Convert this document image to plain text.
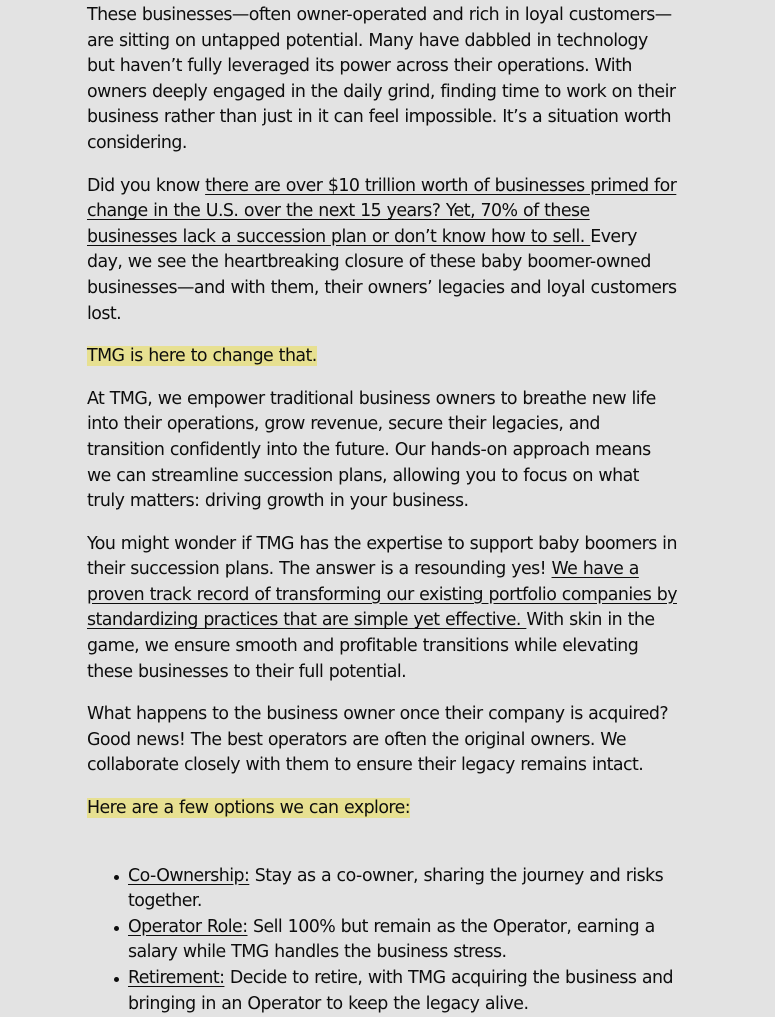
These businesses—often owner-operated and rich in loyal customers—are sitting on untapped potential. Many have dabbled in technology but haven’t fully leveraged its power across their operations. With owners deeply engaged in the daily grind, finding time to work on their business rather than just in it can feel impossible. It’s a situation worth considering.

Did you know there are over $10 trillion worth of businesses primed for change in the U.S. over the next 15 years? Yet, 70% of these businesses lack a succession plan or don’t know how to sell. Every day, we see the heartbreaking closure of these baby boomer-owned businesses—and with them, their owners’ legacies and loyal customers lost.

TMG is here to change that.

At TMG, we empower traditional business owners to breathe new life into their operations, grow revenue, secure their legacies, and transition confidently into the future. Our hands-on approach means we can streamline succession plans, allowing you to focus on what truly matters: driving growth in your business.

You might wonder if TMG has the expertise to support baby boomers in their succession plans. The answer is a resounding yes! We have a proven track record of transforming our existing portfolio companies by standardizing practices that are simple yet effective. With skin in the game, we ensure smooth and profitable transitions while elevating these businesses to their full potential.

What happens to the business owner once their company is acquired? Good news! The best operators are often the original owners. We collaborate closely with them to ensure their legacy remains intact.

Here are a few options we can explore:

Co-Ownership: Stay as a co-owner, sharing the journey and risks together.
Operator Role: Sell 100% but remain as the Operator, earning a salary while TMG handles the business stress.
Retirement: Decide to retire, with TMG acquiring the business and bringing in an Operator to keep the legacy alive.
